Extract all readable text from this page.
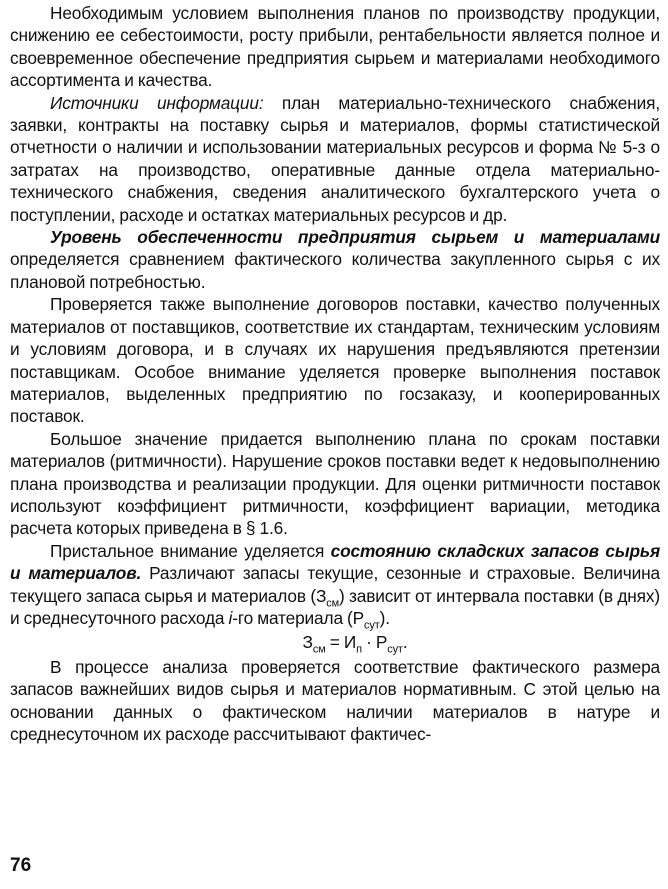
Необходимым условием выполнения планов по производству продукции, снижению ее себестоимости, росту прибыли, рентабельности является полное и своевременное обеспечение предприятия сырьем и материалами необходимого ассортимента и качества.

Источники информации: план материально-технического снабжения, заявки, контракты на поставку сырья и материалов, формы статистической отчетности о наличии и использовании материальных ресурсов и форма № 5-з о затратах на производство, оперативные данные отдела материально-технического снабжения, сведения аналитического бухгалтерского учета о поступлении, расходе и остатках материальных ресурсов и др.

Уровень обеспеченности предприятия сырьем и материалами определяется сравнением фактического количества закупленного сырья с их плановой потребностью.

Проверяется также выполнение договоров поставки, качество полученных материалов от поставщиков, соответствие их стандартам, техническим условиям и условиям договора, и в случаях их нарушения предъявляются претензии поставщикам. Особое внимание уделяется проверке выполнения поставок материалов, выделенных предприятию по госзаказу, и кооперированных поставок.

Большое значение придается выполнению плана по срокам поставки материалов (ритмичности). Нарушение сроков поставки ведет к недовыполнению плана производства и реализации продукции. Для оценки ритмичности поставок используют коэффициент ритмичности, коэффициент вариации, методика расчета которых приведена в § 1.6.

Пристальное внимание уделяется состоянию складских запасов сырья и материалов. Различают запасы текущие, сезонные и страховые. Величина текущего запаса сырья и материалов $(З_{см})$ зависит от интервала поставки (в днях) и среднесуточного расхода i-го материала $(Р_{сут})$.

$З_{см} = И_п \cdot Р_{сут}$.

В процессе анализа проверяется соответствие фактического размера запасов важнейших видов сырья и материалов нормативным. С этой целью на основании данных о фактическом наличии материалов в натуре и среднесуточном их расходе рассчитывают фактичес-

76
